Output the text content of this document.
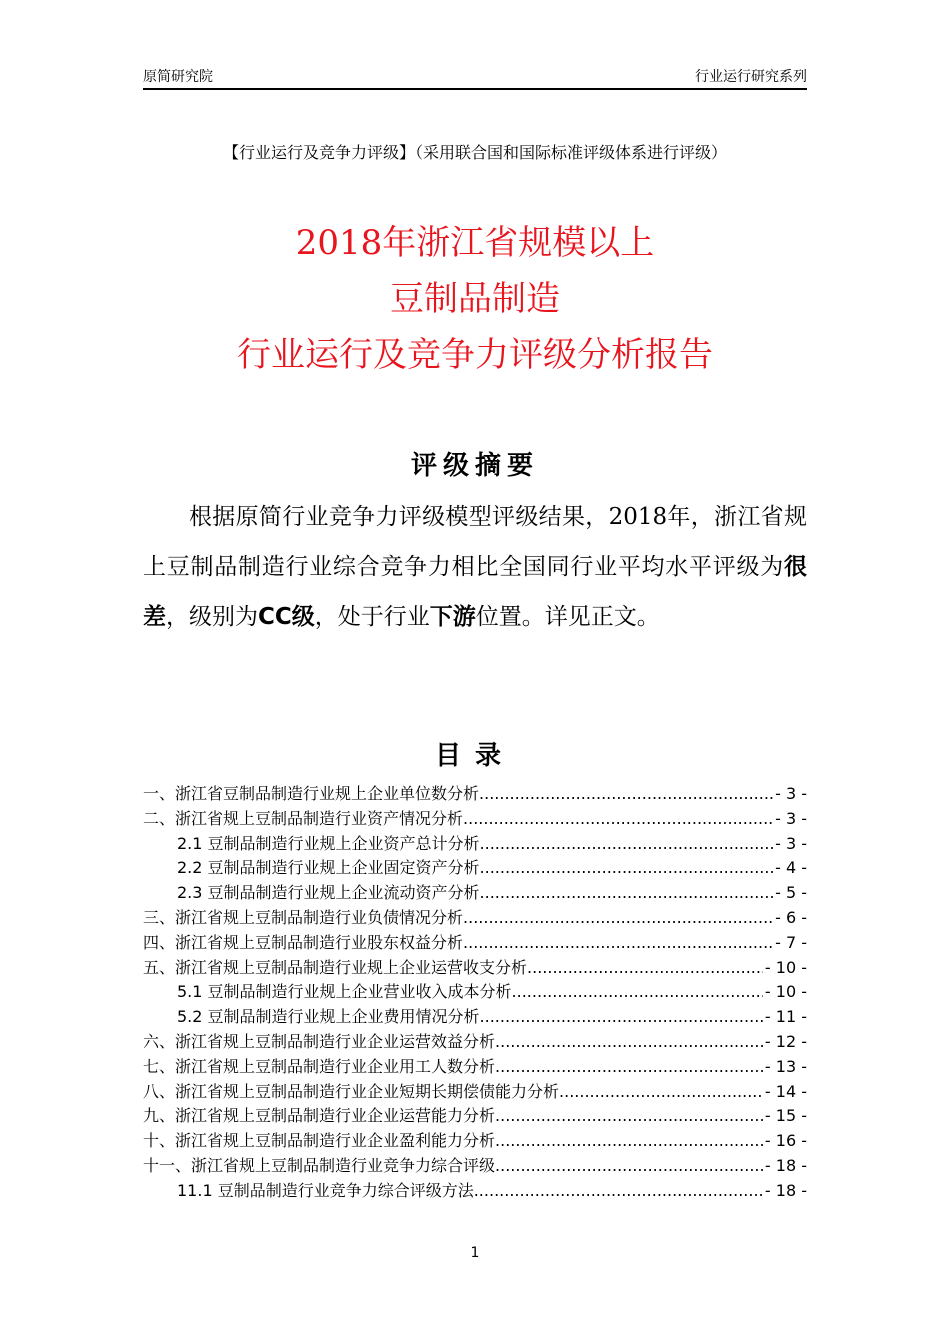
原简研究院	行业运行研究系列
【行业运行及竞争力评级】（采用联合国和国际标准评级体系进行评级）
2018年浙江省规模以上
豆制品制造
行业运行及竞争力评级分析报告
评级摘要
根据原简行业竞争力评级模型评级结果，2018年，浙江省规上豆制品制造行业综合竞争力相比全国同行业平均水平评级为很差，级别为CC级，处于行业下游位置。详见正文。
目录
一、浙江省豆制品制造行业规上企业单位数分析 .....	- 3 -
二、浙江省规上豆制品制造行业资产情况分析 .....	- 3 -
2.1 豆制品制造行业规上企业资产总计分析 .....	- 3 -
2.2 豆制品制造行业规上企业固定资产分析 .....	- 4 -
2.3 豆制品制造行业规上企业流动资产分析 .....	- 5 -
三、浙江省规上豆制品制造行业负债情况分析 .....	- 6 -
四、浙江省规上豆制品制造行业股东权益分析 .....	- 7 -
五、浙江省规上豆制品制造行业规上企业运营收支分析 .....	- 10 -
5.1 豆制品制造行业规上企业营业收入成本分析 .....	- 10 -
5.2 豆制品制造行业规上企业费用情况分析 .....	- 11 -
六、浙江省规上豆制品制造行业企业运营效益分析 .....	- 12 -
七、浙江省规上豆制品制造行业企业用工人数分析 .....	- 13 -
八、浙江省规上豆制品制造行业企业短期长期偿债能力分析 .....	- 14 -
九、浙江省规上豆制品制造行业企业运营能力分析 .....	- 15 -
十、浙江省规上豆制品制造行业企业盈利能力分析 .....	- 16 -
十一、浙江省规上豆制品制造行业竞争力综合评级 .....	- 18 -
11.1 豆制品制造行业竞争力综合评级方法 .....	- 18 -
1
